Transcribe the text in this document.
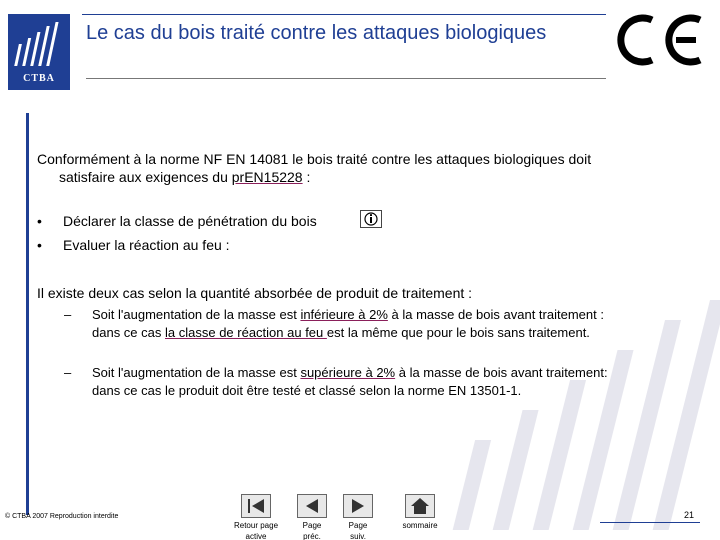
CTBA
Le cas du bois traité contre les attaques biologiques
Conformément à la norme NF EN 14081 le bois traité contre les attaques biologiques doit
satisfaire aux exigences du prEN15228 :
• Déclarer la classe de pénétration du bois
• Evaluer la réaction au feu :
Il existe deux cas selon la quantité absorbée de produit de traitement :
– Soit l'augmentation de la masse est inférieure à 2% à la masse de bois avant traitement :
dans ce cas la classe de réaction au feu est la même que pour le bois sans traitement.
– Soit l'augmentation de la masse est supérieure à 2% à la masse de bois avant traitement:
dans ce cas le produit doit être testé et classé selon la norme EN 13501-1.
© CTBA 2007 Reproduction interdite
Retour page
active
Page
préc.
Page
suiv.
sommaire
21
